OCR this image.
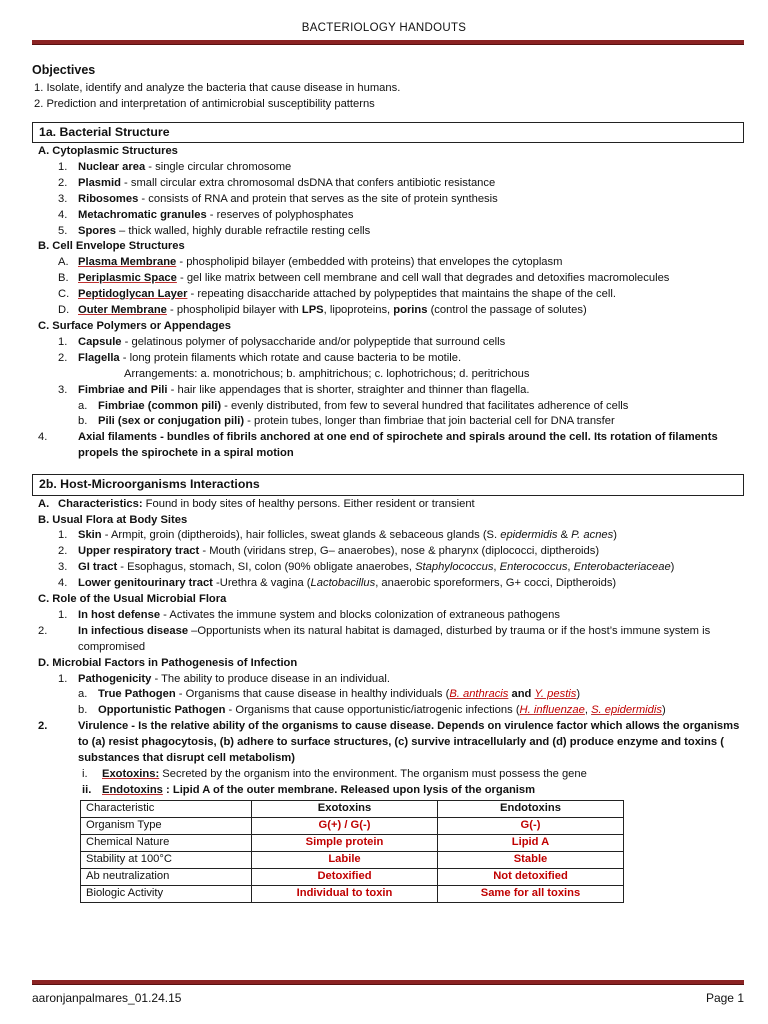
BACTERIOLOGY HANDOUTS
Objectives
1. Isolate, identify and analyze the bacteria that cause disease in humans.
2. Prediction and interpretation of antimicrobial susceptibility patterns
1a. Bacterial Structure
A. Cytoplasmic Structures
1. Nuclear area - single circular chromosome
2. Plasmid - small circular extra chromosomal dsDNA that confers antibiotic resistance
3. Ribosomes - consists of RNA and protein that serves as the site of protein synthesis
4. Metachromatic granules - reserves of polyphosphates
5. Spores – thick walled, highly durable refractile resting cells
B. Cell Envelope Structures
A. Plasma Membrane - phospholipid bilayer (embedded with proteins) that envelopes the cytoplasm
B. Periplasmic Space - gel like matrix between cell membrane and cell wall that degrades and detoxifies macromolecules
C. Peptidoglycan Layer - repeating disaccharide attached by polypeptides that maintains the shape of the cell.
D. Outer Membrane - phospholipid bilayer with LPS, lipoproteins, porins (control the passage of solutes)
C. Surface Polymers or Appendages
1. Capsule - gelatinous polymer of polysaccharide and/or polypeptide that surround cells
2. Flagella - long protein filaments which rotate and cause bacteria to be motile.
Arrangements: a. monotrichous; b. amphitrichous; c. lophotrichous; d. peritrichous
3. Fimbriae and Pili - hair like appendages that is shorter, straighter and thinner than flagella.
a. Fimbriae (common pili) - evenly distributed, from few to several hundred that facilitates adherence of cells
b. Pili (sex or conjugation pili) - protein tubes, longer than fimbriae that join bacterial cell for DNA transfer
4.	Axial filaments - bundles of fibrils anchored at one end of spirochete and spirals around the cell. Its rotation of filaments propels the spirochete in a spiral motion
2b. Host-Microorganisms Interactions
A. Characteristics: Found in body sites of healthy persons. Either resident or transient
B. Usual Flora at Body Sites
1. Skin - Armpit, groin (diptheroids), hair follicles, sweat glands & sebaceous glands (S. epidermidis & P. acnes)
2. Upper respiratory tract - Mouth (viridans strep, G– anaerobes), nose & pharynx (diplococci, diptheroids)
3. GI tract - Esophagus, stomach, SI, colon (90% obligate anaerobes, Staphylococcus, Enterococcus, Enterobacteriaceae)
4. Lower genitourinary tract -Urethra & vagina (Lactobacillus, anaerobic sporeformers, G+ cocci, Diptheroids)
C. Role of the Usual Microbial Flora
1. In host defense - Activates the immune system and blocks colonization of extraneous pathogens
2.	In infectious disease –Opportunists when its natural habitat is damaged, disturbed by trauma or if the host’s immune system is compromised
D. Microbial Factors in Pathogenesis of Infection
1. Pathogenicity - The ability to produce disease in an individual.
a. True Pathogen - Organisms that cause disease in healthy individuals (B. anthracis and Y. pestis)
b. Opportunistic Pathogen - Organisms that cause opportunistic/iatrogenic infections (H. influenzae, S. epidermidis)
2.	Virulence - Is the relative ability of the organisms to cause disease. Depends on virulence factor which allows the organisms to (a) resist phagocytosis, (b) adhere to surface structures, (c) survive intracellularly and (d) produce enzyme and toxins ( substances that disrupt cell metabolism)
i. Exotoxins: Secreted by the organism into the environment. The organism must possess the gene
ii. Endotoxins : Lipid A of the outer membrane. Released upon lysis of the organism
Characteristic	Exotoxins	Endotoxins
Organism Type	G(+) / G(-)	G(-)
Chemical Nature	Simple protein	Lipid A
Stability at 100°C	Labile	Stable
Ab neutralization	Detoxified	Not detoxified
Biologic Activity	Individual to toxin	Same for all toxins
aaronjanpalmares_01.24.15	Page 1
